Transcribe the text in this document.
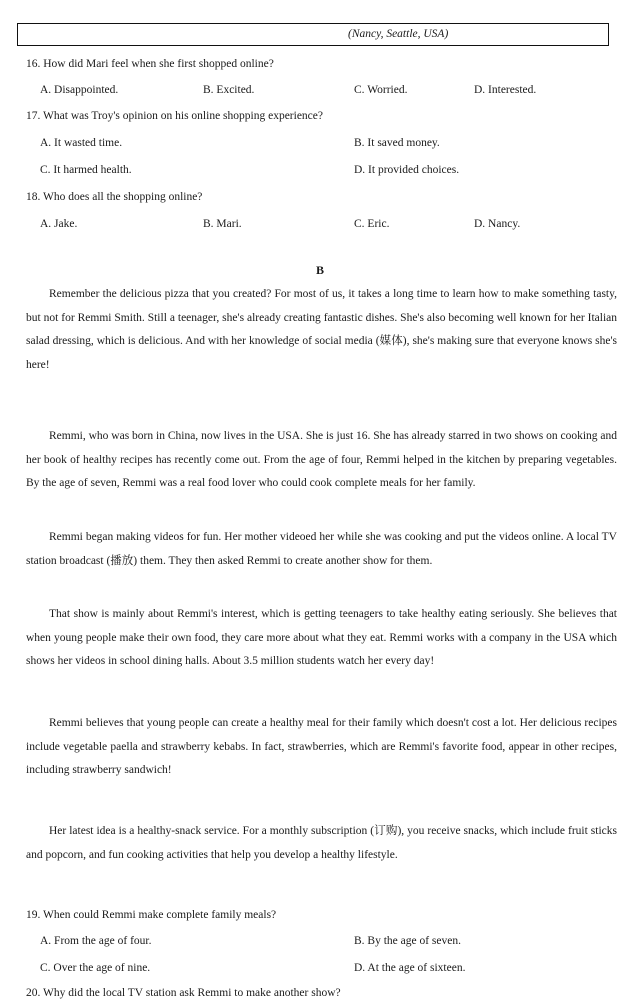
(Nancy, Seattle, USA)
16. How did Mari feel when she first shopped online?
A. Disappointed.	B. Excited.	C. Worried.	D. Interested.
17. What was Troy's opinion on his online shopping experience?
A. It wasted time.	B. It saved money.
C. It harmed health.	D. It provided choices.
18. Who does all the shopping online?
A. Jake.	B. Mari.	C. Eric.	D. Nancy.
B
Remember the delicious pizza that you created? For most of us, it takes a long time to learn how to make something tasty, but not for Remmi Smith. Still a teenager, she's already creating fantastic dishes. She's also becoming well known for her Italian salad dressing, which is delicious. And with her knowledge of social media (媒体), she's making sure that everyone knows she's here!
Remmi, who was born in China, now lives in the USA. She is just 16. She has already starred in two shows on cooking and her book of healthy recipes has recently come out. From the age of four, Remmi helped in the kitchen by preparing vegetables. By the age of seven, Remmi was a real food lover who could cook complete meals for her family.
Remmi began making videos for fun. Her mother videoed her while she was cooking and put the videos online. A local TV station broadcast (播放) them. They then asked Remmi to create another show for them.
That show is mainly about Remmi's interest, which is getting teenagers to take healthy eating seriously. She believes that when young people make their own food, they care more about what they eat. Remmi works with a company in the USA which shows her videos in school dining halls. About 3.5 million students watch her every day!
Remmi believes that young people can create a healthy meal for their family which doesn't cost a lot. Her delicious recipes include vegetable paella and strawberry kebabs. In fact, strawberries, which are Remmi's favorite food, appear in other recipes, including strawberry sandwich!
Her latest idea is a healthy-snack service. For a monthly subscription (订购), you receive snacks, which include fruit sticks and popcorn, and fun cooking activities that help you develop a healthy lifestyle.
19. When could Remmi make complete family meals?
A. From the age of four.	B. By the age of seven.
C. Over the age of nine.	D. At the age of sixteen.
20. Why did the local TV station ask Remmi to make another show?
